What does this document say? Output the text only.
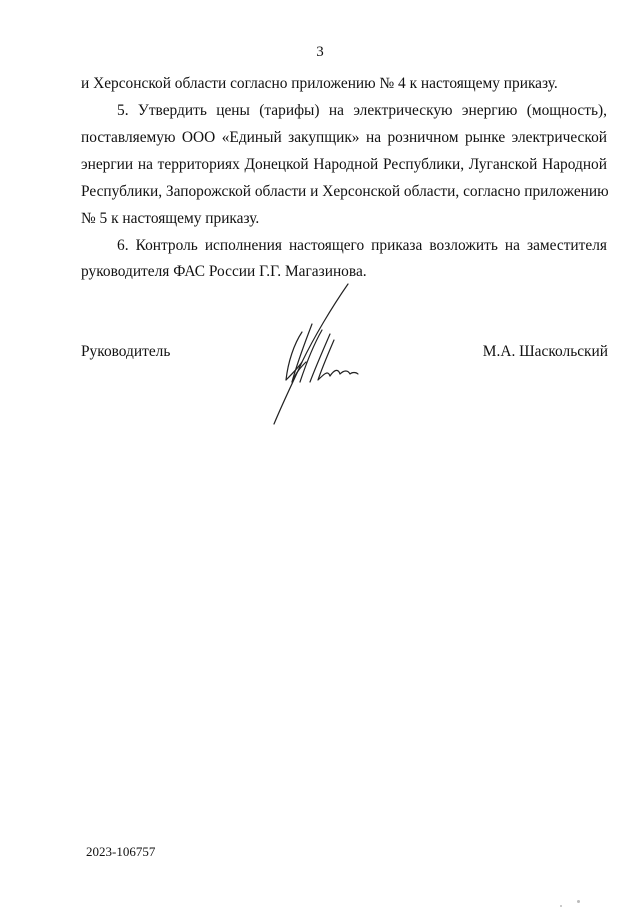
3
и Херсонской области согласно приложению № 4 к настоящему приказу.
5. Утвердить цены (тарифы) на электрическую энергию (мощность),
поставляемую ООО «Единый закупщик» на розничном рынке электрической
энергии на территориях Донецкой Народной Республики, Луганской Народной
Республики, Запорожской области и Херсонской области, согласно приложению
№ 5 к настоящему приказу.
6. Контроль исполнения настоящего приказа возложить на заместителя
руководителя ФАС России Г.Г. Магазинова.
Руководитель	М.А. Шаскольский
2023-106757
